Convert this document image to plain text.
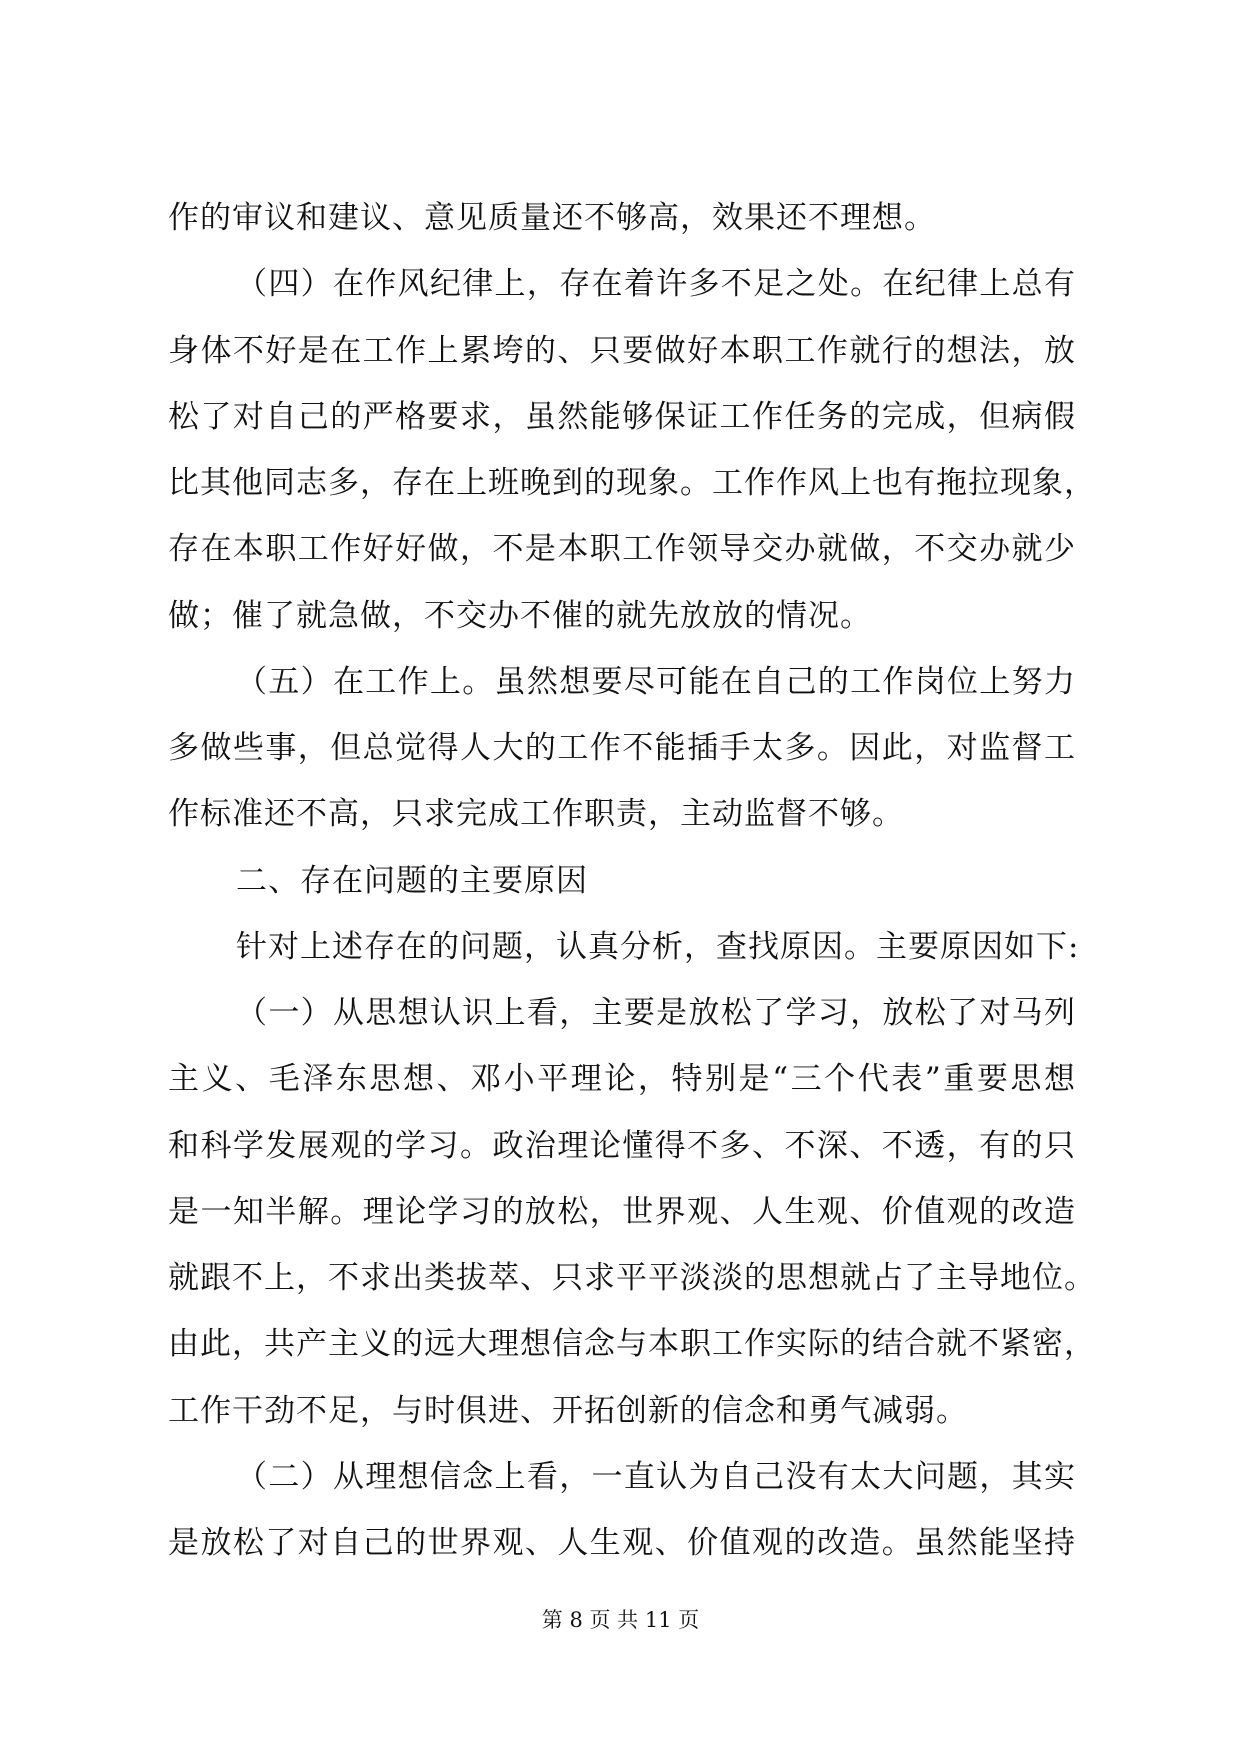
作的审议和建议、意见质量还不够高，效果还不理想。
（四）在作风纪律上，存在着许多不足之处。在纪律上总有
身体不好是在工作上累垮的、只要做好本职工作就行的想法，放
松了对自己的严格要求，虽然能够保证工作任务的完成，但病假
比其他同志多，存在上班晚到的现象。工作作风上也有拖拉现象，
存在本职工作好好做，不是本职工作领导交办就做，不交办就少
做；催了就急做，不交办不催的就先放放的情况。
（五）在工作上。虽然想要尽可能在自己的工作岗位上努力
多做些事，但总觉得人大的工作不能插手太多。因此，对监督工
作标准还不高，只求完成工作职责，主动监督不够。
二、存在问题的主要原因
针对上述存在的问题，认真分析，查找原因。主要原因如下:
（一）从思想认识上看，主要是放松了学习，放松了对马列
主义、毛泽东思想、邓小平理论，特别是“三个代表”重要思想
和科学发展观的学习。政治理论懂得不多、不深、不透，有的只
是一知半解。理论学习的放松，世界观、人生观、价值观的改造
就跟不上，不求出类拔萃、只求平平淡淡的思想就占了主导地位。
由此，共产主义的远大理想信念与本职工作实际的结合就不紧密，
工作干劲不足，与时俱进、开拓创新的信念和勇气减弱。
（二）从理想信念上看，一直认为自己没有太大问题，其实
是放松了对自己的世界观、人生观、价值观的改造。虽然能坚持
第 8 页 共 11 页
